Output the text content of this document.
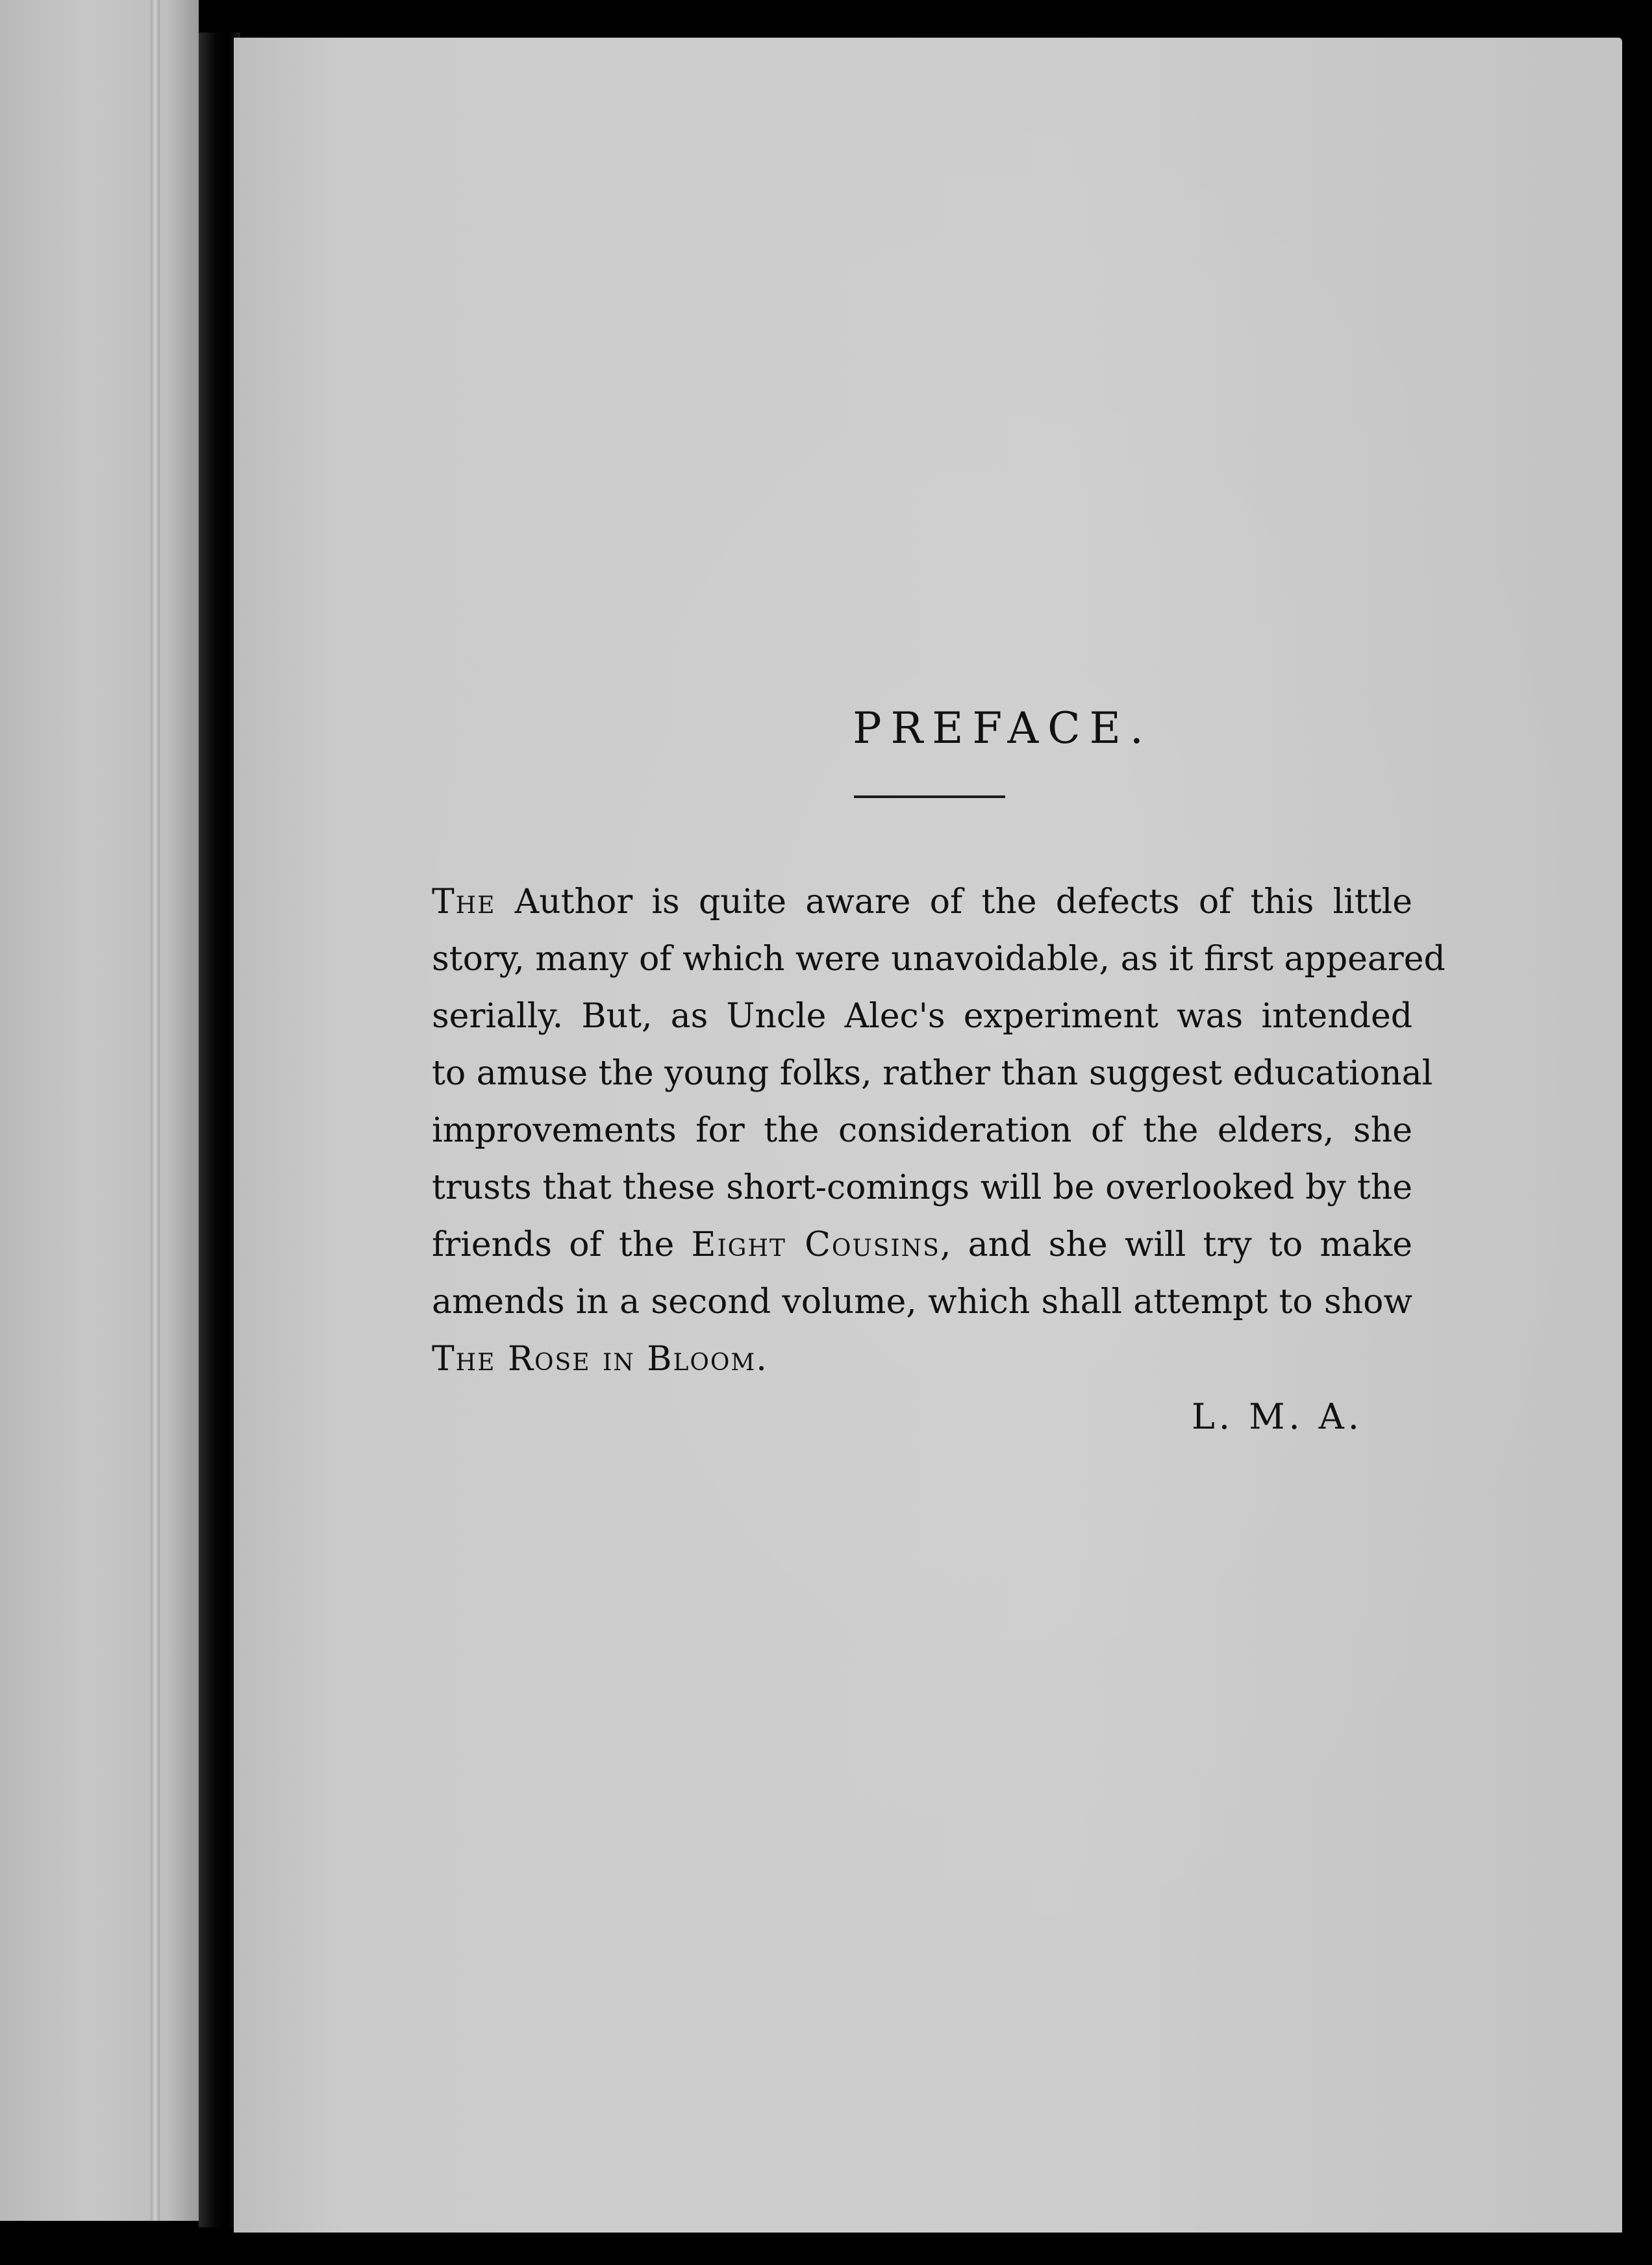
PREFACE.
The Author is quite aware of the defects of this little
story, many of which were unavoidable, as it first appeared
serially. But, as Uncle Alec's experiment was intended
to amuse the young folks, rather than suggest educational
improvements for the consideration of the elders, she
trusts that these short-comings will be overlooked by the
friends of the Eight Cousins, and she will try to make
amends in a second volume, which shall attempt to show
The Rose in Bloom.
L. M. A.
